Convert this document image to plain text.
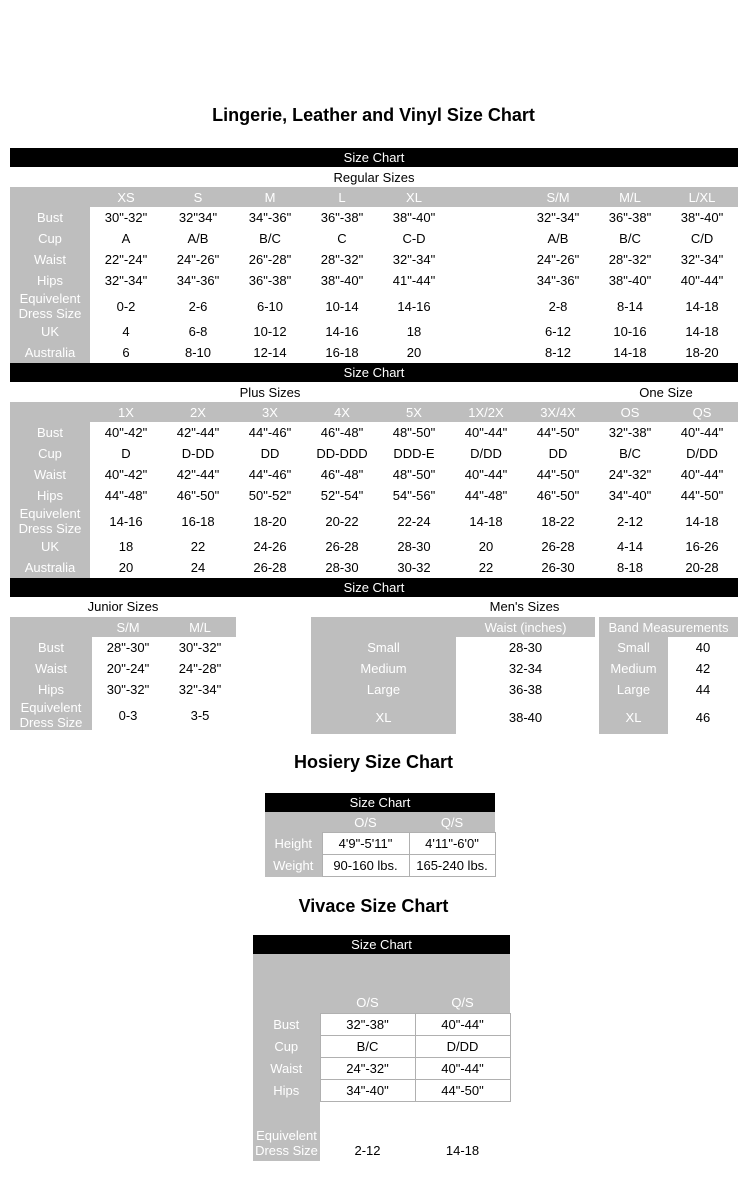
Lingerie, Leather and Vinyl Size Chart
Size Chart									
Regular Sizes									
	XS	S	M	L	XL		S/M	M/L	L/XL
Bust	30"-32"	32"34"	34"-36"	36"-38"	38"-40"		32"-34"	36"-38"	38"-40"
Cup	A	A/B	B/C	C	C-D		A/B	B/C	C/D
Waist	22"-24"	24"-26"	26"-28"	28"-32"	32"-34"		24"-26"	28"-32"	32"-34"
Hips	32"-34"	34"-36"	36"-38"	38"-40"	41"-44"		34"-36"	38"-40"	40"-44"
Equivelent Dress Size	0-2	2-6	6-10	10-14	14-16		2-8	8-14	14-18
UK	4	6-8	10-12	14-16	18		6-12	10-16	14-18
Australia	6	8-10	12-14	16-18	20		8-12	14-18	18-20
Size Chart									
	Plus Sizes							One Size	
	1X	2X	3X	4X	5X	1X/2X	3X/4X	OS	QS
Bust	40"-42"	42"-44"	44"-46"	46"-48"	48"-50"	40"-44"	44"-50"	32"-38"	40"-44"
Cup	D	D-DD	DD	DD-DDD	DDD-E	D/DD	DD	B/C	D/DD
Waist	40"-42"	42"-44"	44"-46"	46"-48"	48"-50"	40"-44"	44"-50"	24"-32"	40"-44"
Hips	44"-48"	46"-50"	50"-52"	52"-54"	54"-56"	44"-48"	46"-50"	34"-40"	44"-50"
Equivelent Dress Size	14-16	16-18	18-20	20-22	22-24	14-18	18-22	2-12	14-18
UK	18	22	24-26	26-28	28-30	20	26-28	4-14	16-26
Australia	20	24	26-28	28-30	30-32	22	26-30	8-18	20-28
Size Chart
Junior Sizes
	S/M	M/L
Bust	28"-30"	30"-32"
Waist	20"-24"	24"-28"
Hips	30"-32"	32"-34"
Equivelent Dress Size	0-3	3-5
Men's Sizes
	Waist (inches)		Band Measurements	
Small	28-30		Small	40
Medium	32-34		Medium	42
Large	36-38		Large	44
XL	38-40		XL	46
Hosiery Size Chart
Size Chart		
	O/S	Q/S
Height	4'9"-5'11"	4'11"-6'0"
Weight	90-160 lbs.	165-240 lbs.
Vivace Size Chart
Size Chart		
	O/S	Q/S
Bust	32"-38"	40"-44"
Cup	B/C	D/DD
Waist	24"-32"	40"-44"
Hips	34"-40"	44"-50"
Equivelent Dress Size	2-12	14-18
